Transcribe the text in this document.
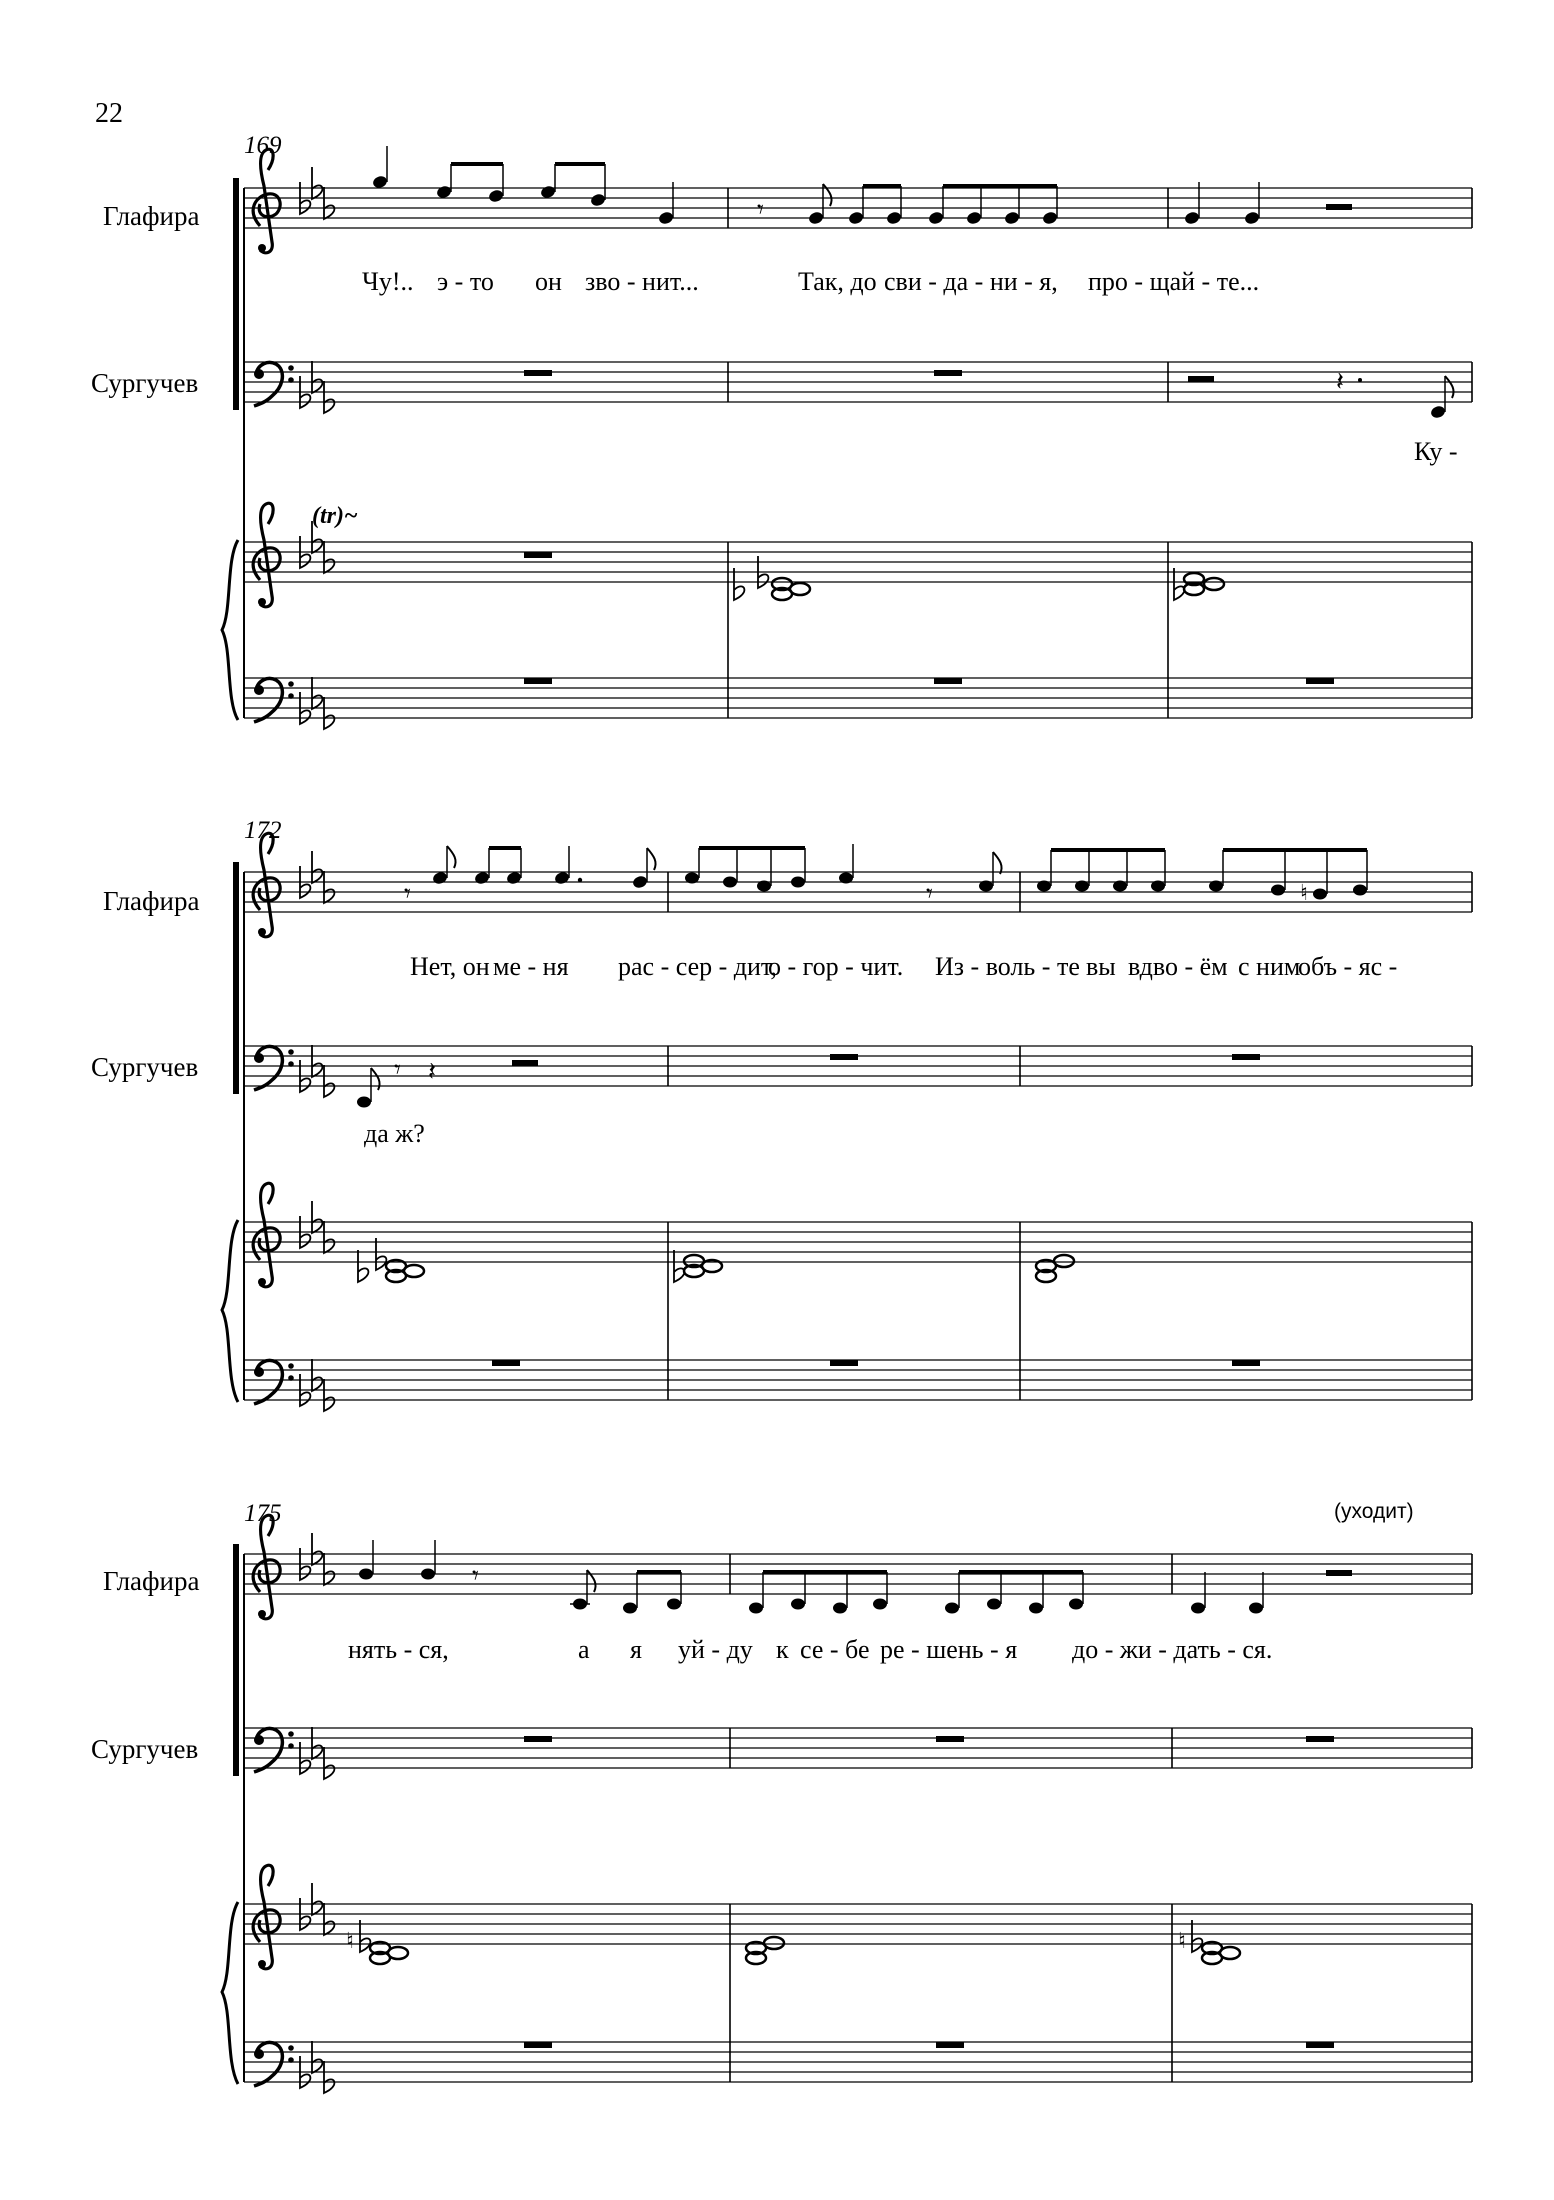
22
169
Глафира
Сургучев
(tr)~
𝄾
Чу!.. э - то он зво - нит...	Так, до сви - да - ни - я, про - щай - те...
𝄽
Ку -
172
Глафира
Сургучев
𝄾	𝄾	♮
Нет, он ме - ня рас - сер - дит,
о - гор - чит. Из - воль - те вы вдво - ём с ним
объ - яс -
𝄾 𝄽
да ж?
175	(уходит)
Глафира
Сургучев
𝄾
нять - ся,	а я уй - ду к се - бе ре - шень - я до - жи - дать - ся.
♮	♮
